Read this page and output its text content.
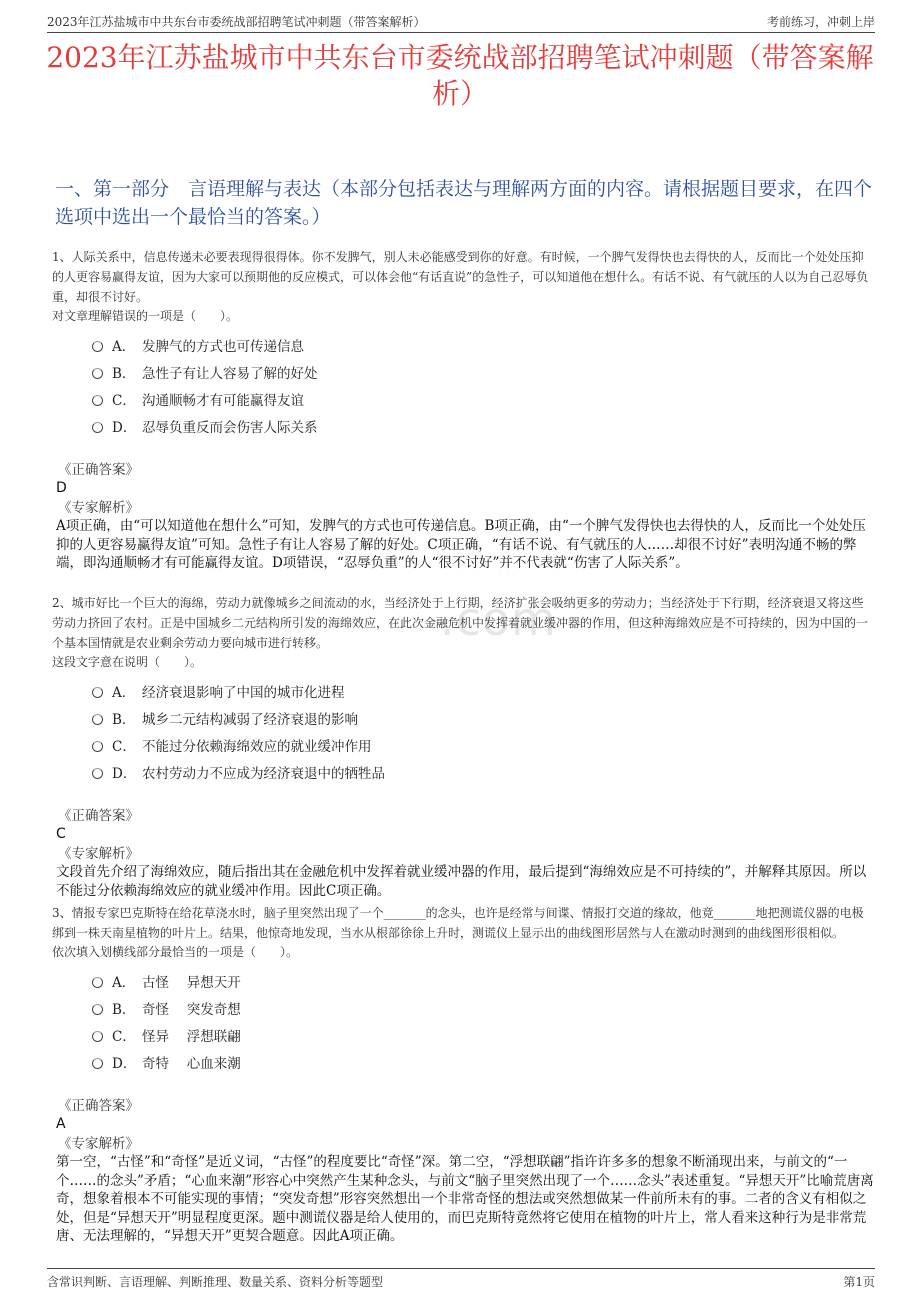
2023年江苏盐城市中共东台市委统战部招聘笔试冲刺题（带答案解析）	考前练习，冲刺上岸
2023年江苏盐城市中共东台市委统战部招聘笔试冲刺题（带答案解析）
一、第一部分　言语理解与表达（本部分包括表达与理解两方面的内容。请根据题目要求，在四个选项中选出一个最恰当的答案。）
.com

1、人际关系中，信息传递未必要表现得很得体。你不发脾气，别人未必能感受到你的好意。有时候，一个脾气发得快也去得快的人，反而比一个处处压抑的人更容易赢得友谊，因为大家可以预期他的反应模式，可以体会他“有话直说”的急性子，可以知道他在想什么。有话不说、有气就压的人以为自己忍辱负重，却很不讨好。

对文章理解错误的一项是（　　）。

A． 发脾气的方式也可传递信息
B． 急性子有让人容易了解的好处
C． 沟通顺畅才有可能赢得友谊
D． 忍辱负重反而会伤害人际关系

《正确答案》

D

《专家解析》

A项正确，由“可以知道他在想什么”可知，发脾气的方式也可传递信息。B项正确，由“一个脾气发得快也去得快的人，反而比一个处处压抑的人更容易赢得友谊”可知。急性子有让人容易了解的好处。C项正确，“有话不说、有气就压的人……却很不讨好”表明沟通不畅的弊端，即沟通顺畅才有可能赢得友谊。D项错误，“忍辱负重”的人“很不讨好”并不代表就“伤害了人际关系”。

2、城市好比一个巨大的海绵，劳动力就像城乡之间流动的水，当经济处于上行期，经济扩张会吸纳更多的劳动力；当经济处于下行期，经济衰退又将这些劳动力挤回了农村。正是中国城乡二元结构所引发的海绵效应，在此次金融危机中发挥着就业缓冲器的作用，但这种海绵效应是不可持续的，因为中国的一个基本国情就是农业剩余劳动力要向城市进行转移。

这段文字意在说明（　　）。

A． 经济衰退影响了中国的城市化进程
B． 城乡二元结构减弱了经济衰退的影响
C． 不能过分依赖海绵效应的就业缓冲作用
D． 农村劳动力不应成为经济衰退中的牺牲品

《正确答案》

C

《专家解析》

文段首先介绍了海绵效应，随后指出其在金融危机中发挥着就业缓冲器的作用，最后提到“海绵效应是不可持续的”，并解释其原因。所以不能过分依赖海绵效应的就业缓冲作用。因此C项正确。

3、情报专家巴克斯特在给花草浇水时，脑子里突然出现了一个_______的念头，也许是经常与间谍、情报打交道的缘故，他竟_______地把测谎仪器的电极绑到一株天南星植物的叶片上。结果，他惊奇地发现，当水从根部徐徐上升时，测谎仪上显示出的曲线图形居然与人在激动时测到的曲线图形很相似。

依次填入划横线部分最恰当的一项是（　　）。

A． 古怪　 异想天开
B． 奇怪　 突发奇想
C． 怪异　 浮想联翩
D． 奇特　 心血来潮

《正确答案》

A

《专家解析》

第一空，“古怪”和“奇怪”是近义词，“古怪”的程度要比“奇怪”深。第二空，“浮想联翩”指许许多多的想象不断涌现出来，与前文的“一个……的念头”矛盾；“心血来潮”形容心中突然产生某种念头，与前文“脑子里突然出现了一个……念头”表述重复。“异想天开”比喻荒唐离奇，想象着根本不可能实现的事情；“突发奇想”形容突然想出一个非常奇怪的想法或突然想做某一件前所未有的事。二者的含义有相似之处，但是“异想天开”明显程度更深。题中测谎仪器是给人使用的，而巴克斯特竟然将它使用在植物的叶片上，常人看来这种行为是非常荒唐、无法理解的，“异想天开”更契合题意。因此A项正确。

含常识判断、言语理解、判断推理、数量关系、资料分析等题型	第1页
